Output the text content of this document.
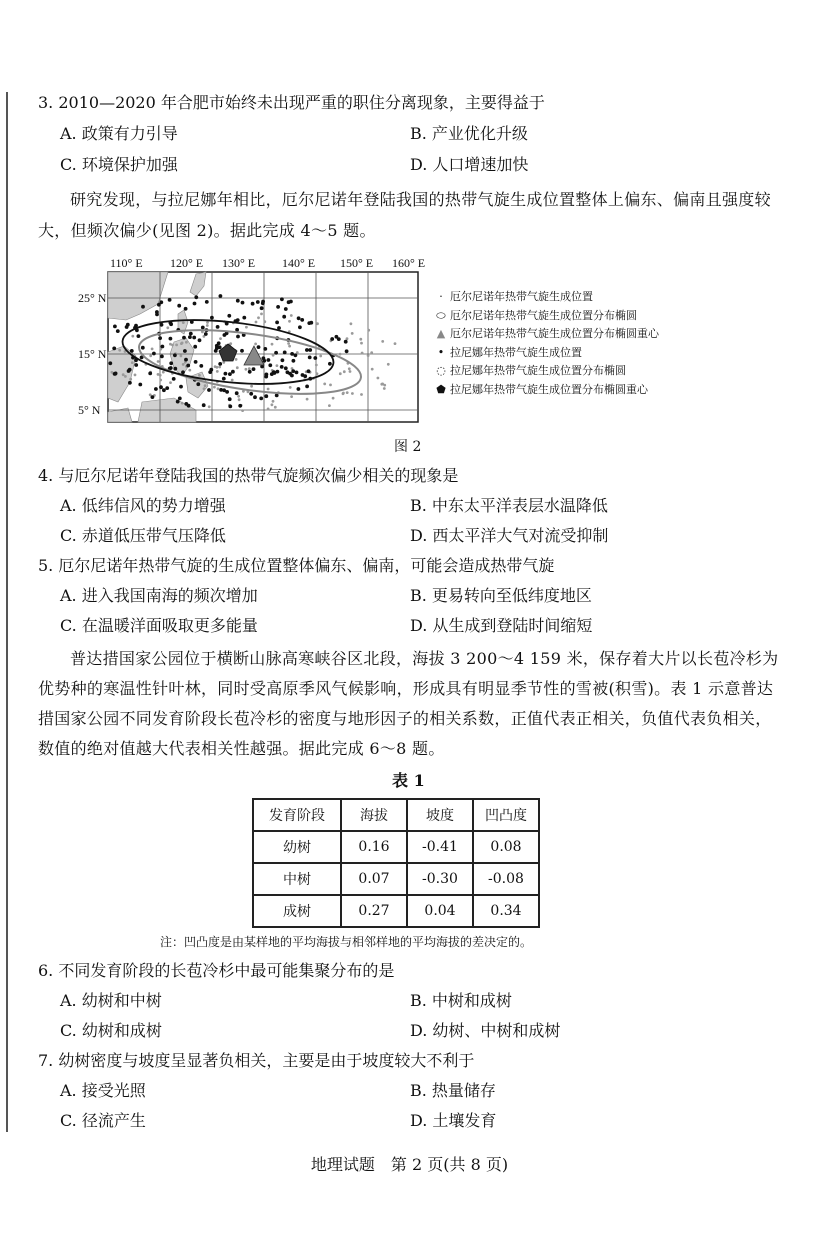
3. 2010—2020 年合肥市始终未出现严重的职住分离现象，主要得益于
A. 政策有力引导	B. 产业优化升级
C. 环境保护加强	D. 人口增速加快
研究发现，与拉尼娜年相比，厄尔尼诺年登陆我国的热带气旋生成位置整体上偏东、偏南且强度较大，但频次偏少(见图 2)。据此完成 4～5 题。
110° E 120° E 130° E 140° E 150° E 160° E
25° N
15° N
5° N
· 厄尔尼诺年热带气旋生成位置
⬭ 厄尔尼诺年热带气旋生成位置分布椭圆
▲ 厄尔尼诺年热带气旋生成位置分布椭圆重心
• 拉尼娜年热带气旋生成位置
◌ 拉尼娜年热带气旋生成位置分布椭圆
⬟ 拉尼娜年热带气旋生成位置分布椭圆重心
图 2
4. 与厄尔尼诺年登陆我国的热带气旋频次偏少相关的现象是
A. 低纬信风的势力增强	B. 中东太平洋表层水温降低
C. 赤道低压带气压降低	D. 西太平洋大气对流受抑制
5. 厄尔尼诺年热带气旋的生成位置整体偏东、偏南，可能会造成热带气旋
A. 进入我国南海的频次增加	B. 更易转向至低纬度地区
C. 在温暖洋面吸取更多能量	D. 从生成到登陆时间缩短
普达措国家公园位于横断山脉高寒峡谷区北段，海拔 3 200～4 159 米，保存着大片以长苞冷杉为优势种的寒温性针叶林，同时受高原季风气候影响，形成具有明显季节性的雪被(积雪)。表 1 示意普达措国家公园不同发育阶段长苞冷杉的密度与地形因子的相关系数，正值代表正相关，负值代表负相关，数值的绝对值越大代表相关性越强。据此完成 6～8 题。
表 1
发育阶段	海拔	坡度	凹凸度
幼树	0.16	-0.41	0.08
中树	0.07	-0.30	-0.08
成树	0.27	0.04	0.34
注：凹凸度是由某样地的平均海拔与相邻样地的平均海拔的差决定的。
6. 不同发育阶段的长苞冷杉中最可能集聚分布的是
A. 幼树和中树	B. 中树和成树
C. 幼树和成树	D. 幼树、中树和成树
7. 幼树密度与坡度呈显著负相关，主要是由于坡度较大不利于
A. 接受光照	B. 热量储存
C. 径流产生	D. 土壤发育
地理试题　第 2 页(共 8 页)
